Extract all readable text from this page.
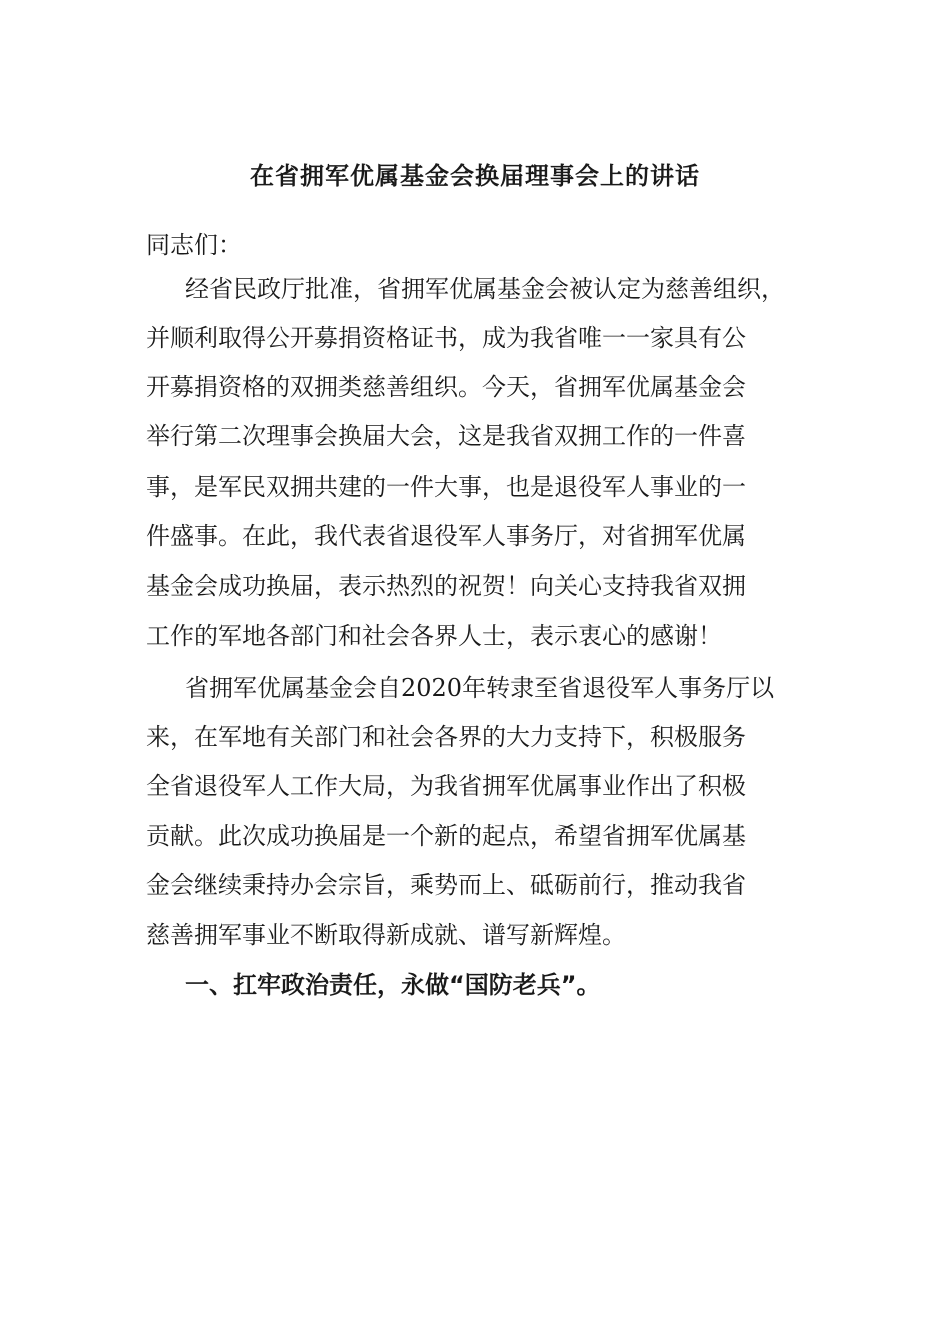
在省拥军优属基金会换届理事会上的讲话
同志们：
经省民政厅批准，省拥军优属基金会被认定为慈善组织，
并顺利取得公开募捐资格证书，成为我省唯一一家具有公
开募捐资格的双拥类慈善组织。今天，省拥军优属基金会
举行第二次理事会换届大会，这是我省双拥工作的一件喜
事，是军民双拥共建的一件大事，也是退役军人事业的一
件盛事。在此，我代表省退役军人事务厅，对省拥军优属
基金会成功换届，表示热烈的祝贺！向关心支持我省双拥
工作的军地各部门和社会各界人士，表示衷心的感谢！
省拥军优属基金会自2020年转隶至省退役军人事务厅以
来，在军地有关部门和社会各界的大力支持下，积极服务
全省退役军人工作大局，为我省拥军优属事业作出了积极
贡献。此次成功换届是一个新的起点，希望省拥军优属基
金会继续秉持办会宗旨，乘势而上、砥砺前行，推动我省
慈善拥军事业不断取得新成就、谱写新辉煌。
一、扛牢政治责任，永做“国防老兵”。
